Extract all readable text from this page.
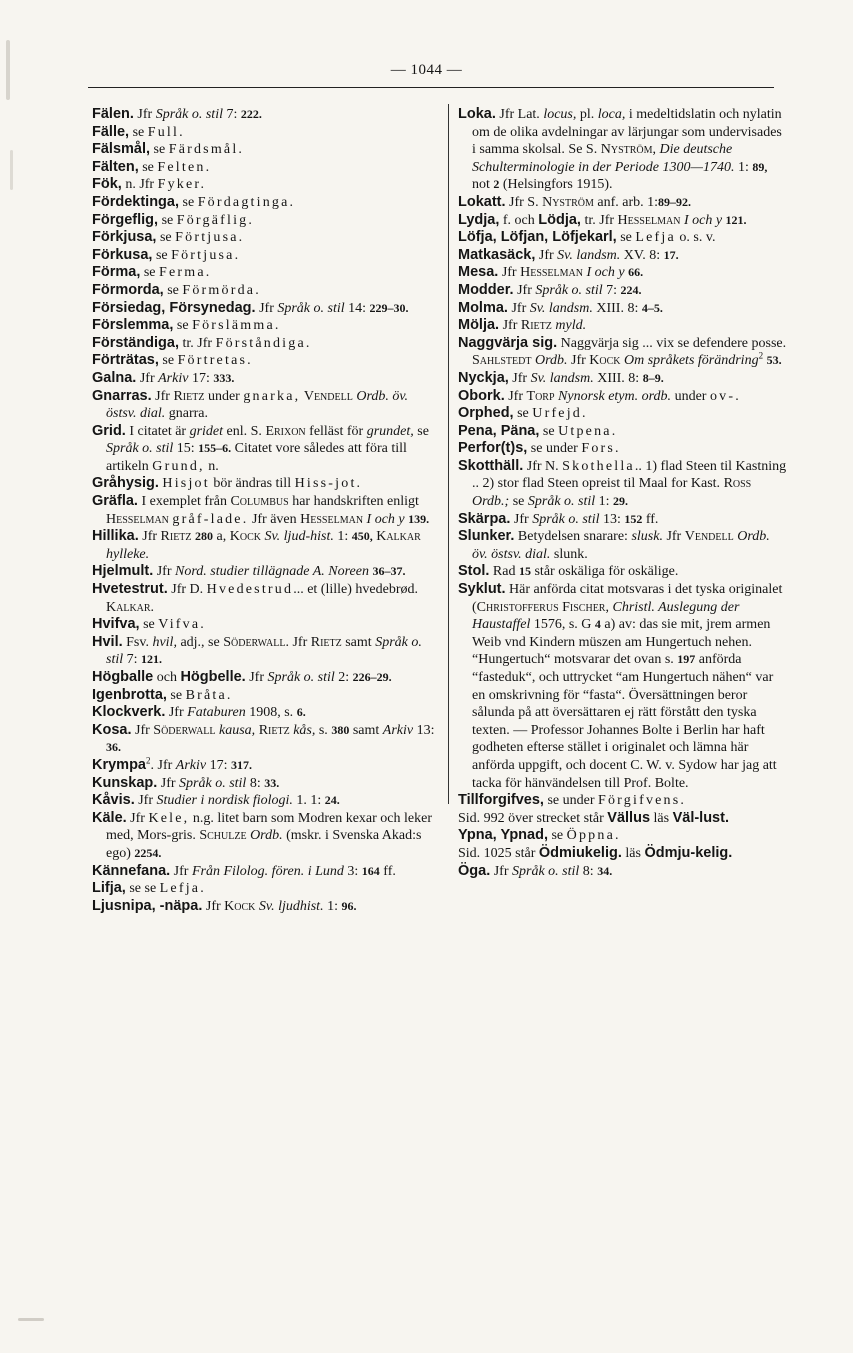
— 1044 —

Fälen. Jfr Språk o. stil 7: 222.

Fälle, se Full.

Fälsmål, se Färdsmål.

Fälten, se Felten.

Fök, n. Jfr Fyker.

Fördektinga, se Fördagtinga.

Förgeflig, se Förgäflig.

Förkjusa, se Förtjusa.

Förkusa, se Förtjusa.

Förma, se Ferma.

Förmorda, se Förmörda.

Försiedag, Försynedag. Jfr Språk o. stil 14: 229–30.

Förslemma, se Förslämma.

Förständiga, tr. Jfr Förståndiga.

Förträtas, se Förtretas.

Galna. Jfr Arkiv 17: 333.

Gnarras. Jfr Rietz under gnarka, Vendell Ordb. öv. östsv. dial. gnarra.

Grid. I citatet är gridet enl. S. Erixon felläst för grundet, se Språk o. stil 15: 155–6. Citatet vore således att föra till artikeln Grund, n.

Gråhysig. Hisjot bör ändras till Hiss-jot.

Gräfla. I exemplet från Columbus har handskriften enligt Hesselman gråf-lade. Jfr även Hesselman I och y 139.

Hillika. Jfr Rietz 280 a, Kock Sv. ljud-hist. 1: 450, Kalkar hylleke.

Hjelmult. Jfr Nord. studier tillägnade A. Noreen 36–37.

Hvetestrut. Jfr D. Hvedestrud... et (lille) hvedebrød. Kalkar.

Hvifva, se Vifva.

Hvil. Fsv. hvil, adj., se Söderwall. Jfr Rietz samt Språk o. stil 7: 121.

Högballe och Högbelle. Jfr Språk o. stil 2: 226–29.

Igenbrotta, se Bråta.

Klockverk. Jfr Fataburen 1908, s. 6.

Kosa. Jfr Söderwall kausa, Rietz kås, s. 380 samt Arkiv 13: 36.

Krympa$^2$. Jfr Arkiv 17: 317.

Kunskap. Jfr Språk o. stil 8: 33.

Kåvis. Jfr Studier i nordisk fiologi. 1. 1: 24.

Käle. Jfr Kele, n.g. litet barn som Modren kexar och leker med, Mors-gris. Schulze Ordb. (mskr. i Svenska Akad:s ego) 2254.

Kännefana. Jfr Från Filolog. fören. i Lund 3: 164 ff.

Lifja, se se Lefja.

Ljusnipa, -näpa. Jfr Kock Sv. ljudhist. 1: 96.

Loka. Jfr Lat. locus, pl. loca, i medeltidslatin och nylatin om de olika avdelningar av lärjungar som undervisades i samma skolsal. Se S. Nyström, Die deutsche Schulterminologie in der Periode 1300—1740. 1: 89, not 2 (Helsingfors 1915).

Lokatt. Jfr S. Nyström anf. arb. 1:89–92.

Lydja, f. och Lödja, tr. Jfr Hesselman I och y 121.

Löfja, Löfjan, Löfjekarl, se Lefja o. s. v.

Matkasäck, Jfr Sv. landsm. XV. 8: 17.

Mesa. Jfr Hesselman I och y 66.

Modder. Jfr Språk o. stil 7: 224.

Molma. Jfr Sv. landsm. XIII. 8: 4–5.

Mölja. Jfr Rietz myld.

Naggvärja sig. Naggvärja sig ... vix se defendere posse. Sahlstedt Ordb. Jfr Kock Om språkets förändring$^2$ 53.

Nyckja, Jfr Sv. landsm. XIII. 8: 8–9.

Obork. Jfr Torp Nynorsk etym. ordb. under ov-.

Orphed, se Urfejd.

Pena, Päna, se Utpena.

Perfor(t)s, se under Fors.

Skotthäll. Jfr N. Skothella.. 1) flad Steen til Kastning .. 2) stor flad Steen opreist til Maal for Kast. Ross Ordb.; se Språk o. stil 1: 29.

Skärpa. Jfr Språk o. stil 13: 152 ff.

Slunker. Betydelsen snarare: slusk. Jfr Vendell Ordb. öv. östsv. dial. slunk.

Stol. Rad 15 står oskäliga för oskälige.

Syklut. Här anförda citat motsvaras i det tyska originalet (Christofferus Fischer, Christl. Auslegung der Haustaffel 1576, s. G 4 a) av: das sie mit, jrem armen Weib vnd Kindern müszen am Hungertuch nehen. “Hungertuch“ motsvarar det ovan s. 197 anförda “fasteduk“, och uttrycket “am Hungertuch nähen“ var en omskrivning för “fasta“. Översättningen beror sålunda på att översättaren ej rätt förstått den tyska texten. — Professor Johannes Bolte i Berlin har haft godheten efterse stället i originalet och lämna här anförda uppgift, och docent C. W. v. Sydow har jag att tacka för hänvändelsen till Prof. Bolte.

Tillforgifves, se under Förgifvens.

Sid. 992 över strecket står Vällus läs Väl-lust.

Ypna, Ypnad, se Öppna.

Sid. 1025 står Ödmiukelig. läs Ödmju-kelig.

Öga. Jfr Språk o. stil 8: 34.
